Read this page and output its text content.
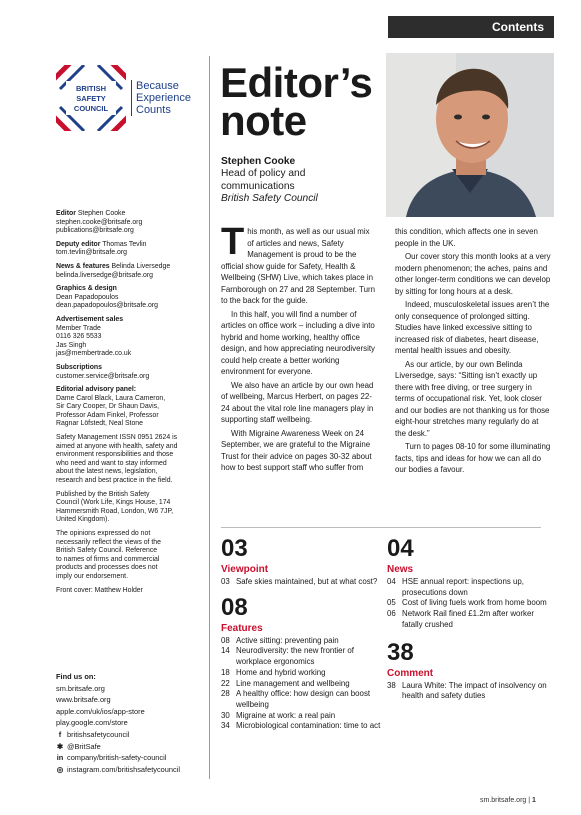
Contents
BRITISH
SAFETY
COUNCIL
Because
Experience
Counts

Editor Stephen Cooke

stephen.cooke@britsafe.org

publications@britsafe.org

Deputy editor Thomas Tevlin

tom.tevlin@britsafe.org

News & features Belinda Liversedge

belinda.liversedge@britsafe.org

Graphics & design

Dean Papadopoulos

dean.papadopoulos@britsafe.org

Advertisement sales

Member Trade

0116 326 5533

Jas Singh

jas@membertrade.co.uk

Subscriptions

customer.service@britsafe.org

Editorial advisory panel:

Dame Carol Black, Laura Cameron,

Sir Cary Cooper, Dr Shaun Davis,

Professor Adam Finkel, Professor

Ragnar Löfstedt, Neal Stone

Safety Management ISSN 0951 2624 is

aimed at anyone with health, safety and

environment responsibilities and those

who need and want to stay informed

about the latest news, legislation,

research and best practice in the field.

Published by the British Safety

Council (Work Life, Kings House, 174

Hammersmith Road, London, W6 7JP,

United Kingdom).

The opinions expressed do not

necessarily reflect the views of the

British Safety Council. Reference

to names of firms and commercial

products and processes does not

imply our endorsement.

Front cover: Matthew Holder

Find us on:
sm.britsafe.org
www.britsafe.org
apple.com/uk/ios/app-store
play.google.com/store
f britishsafetycouncil
✱ @BritSafe
in company/british-safety-council
◎ instagram.com/britishsafetycouncil
Editor’s
note
Stephen Cooke
Head of policy and
communications
British Safety Council

This month, as well as our usual mix of articles and news, Safety Management is proud to be the official show guide for Safety, Health & Wellbeing (SHW) Live, which takes place in Farnborough on 27 and 28 September. Turn to the back for the guide.

In this half, you will find a number of articles on office work – including a dive into hybrid and home working, healthy office design, and how appreciating neurodiversity could help create a better working environment for everyone.

We also have an article by our own head of wellbeing, Marcus Herbert, on pages 22-24 about the vital role line managers play in supporting staff wellbeing.

With Migraine Awareness Week on 24 September, we are grateful to the Migraine Trust for their advice on pages 30-32 about how to best support staff who suffer from this condition, which affects one in seven people in the UK.

Our cover story this month looks at a very modern phenomenon; the aches, pains and other longer-term conditions we can develop by sitting for long hours at a desk.

Indeed, musculoskeletal issues aren’t the only consequence of prolonged sitting. Studies have linked excessive sitting to increased risk of diabetes, heart disease, mental health issues and obesity.

As our article, by our own Belinda Liversedge, says: “Sitting isn’t exactly up there with free diving, or tree surgery in terms of occupational risk. Yet, look closer and our bodies are not thanking us for those eight-hour stretches many regularly do at the desk.”

Turn to pages 08-10 for some illuminating facts, tips and ideas for how we can all do our bodies a favour.

03
Viewpoint
03 Safe skies maintained, but at what cost?
08
Features
08 Active sitting: preventing pain
14 Neurodiversity: the new frontier of workplace ergonomics
18 Home and hybrid working
22 Line management and wellbeing
28 A healthy office: how design can boost wellbeing
30 Migraine at work: a real pain
34 Microbiological contamination: time to act
04
News
04 HSE annual report: inspections up, prosecutions down
05 Cost of living fuels work from home boom
06 Network Rail fined £1.2m after worker fatally crushed
38
Comment
38 Laura White: The impact of insolvency on health and safety duties
sm.britsafe.org | 1
